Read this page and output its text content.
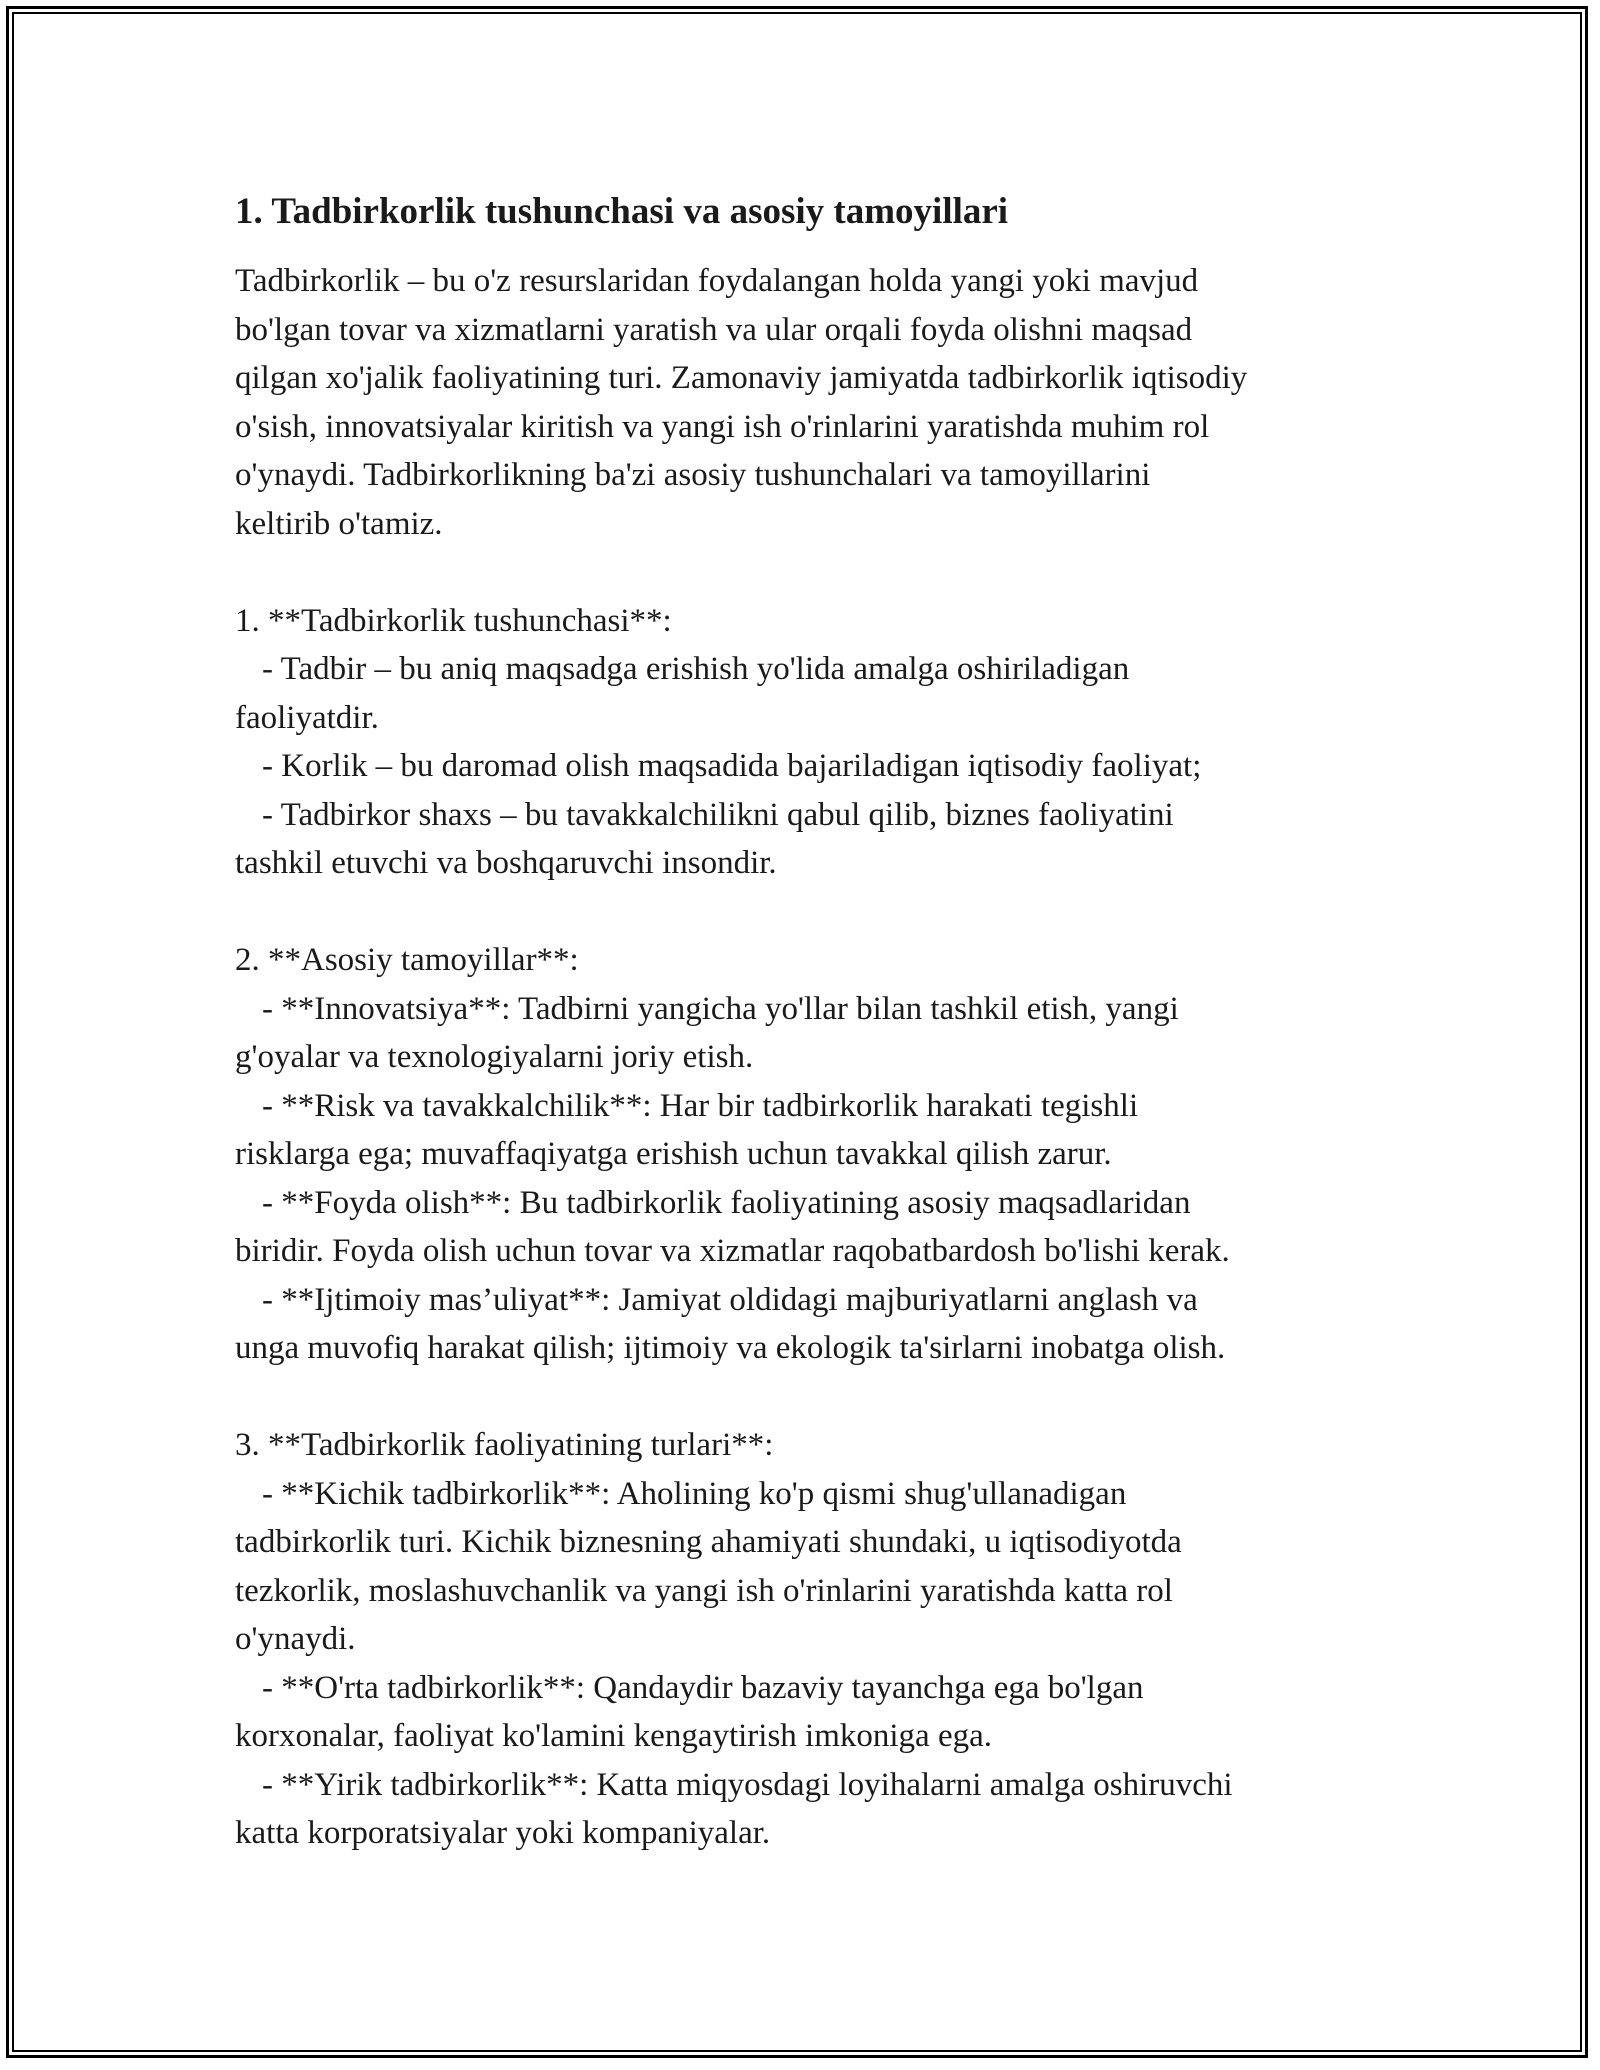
1. Tadbirkorlik tushunchasi va asosiy tamoyillari

Tadbirkorlik – bu o'z resurslaridan foydalangan holda yangi yoki mavjud
bo'lgan tovar va xizmatlarni yaratish va ular orqali foyda olishni maqsad
qilgan xo'jalik faoliyatining turi. Zamonaviy jamiyatda tadbirkorlik iqtisodiy
o'sish, innovatsiyalar kiritish va yangi ish o'rinlarini yaratishda muhim rol
o'ynaydi. Tadbirkorlikning ba'zi asosiy tushunchalari va tamoyillarini
keltirib o'tamiz.

1. **Tadbirkorlik tushunchasi**:

- Tadbir – bu aniq maqsadga erishish yo'lida amalga oshiriladigan

faoliyatdir.

- Korlik – bu daromad olish maqsadida bajariladigan iqtisodiy faoliyat;

- Tadbirkor shaxs – bu tavakkalchilikni qabul qilib, biznes faoliyatini

tashkil etuvchi va boshqaruvchi insondir.

2. **Asosiy tamoyillar**:

- **Innovatsiya**: Tadbirni yangicha yo'llar bilan tashkil etish, yangi

g'oyalar va texnologiyalarni joriy etish.

- **Risk va tavakkalchilik**: Har bir tadbirkorlik harakati tegishli

risklarga ega; muvaffaqiyatga erishish uchun tavakkal qilish zarur.

- **Foyda olish**: Bu tadbirkorlik faoliyatining asosiy maqsadlaridan

biridir. Foyda olish uchun tovar va xizmatlar raqobatbardosh bo'lishi kerak.

- **Ijtimoiy mas’uliyat**: Jamiyat oldidagi majburiyatlarni anglash va

unga muvofiq harakat qilish; ijtimoiy va ekologik ta'sirlarni inobatga olish.

3. **Tadbirkorlik faoliyatining turlari**:

- **Kichik tadbirkorlik**: Aholining ko'p qismi shug'ullanadigan

tadbirkorlik turi. Kichik biznesning ahamiyati shundaki, u iqtisodiyotda
tezkorlik, moslashuvchanlik va yangi ish o'rinlarini yaratishda katta rol
o'ynaydi.

- **O'rta tadbirkorlik**: Qandaydir bazaviy tayanchga ega bo'lgan

korxonalar, faoliyat ko'lamini kengaytirish imkoniga ega.

- **Yirik tadbirkorlik**: Katta miqyosdagi loyihalarni amalga oshiruvchi

katta korporatsiyalar yoki kompaniyalar.
